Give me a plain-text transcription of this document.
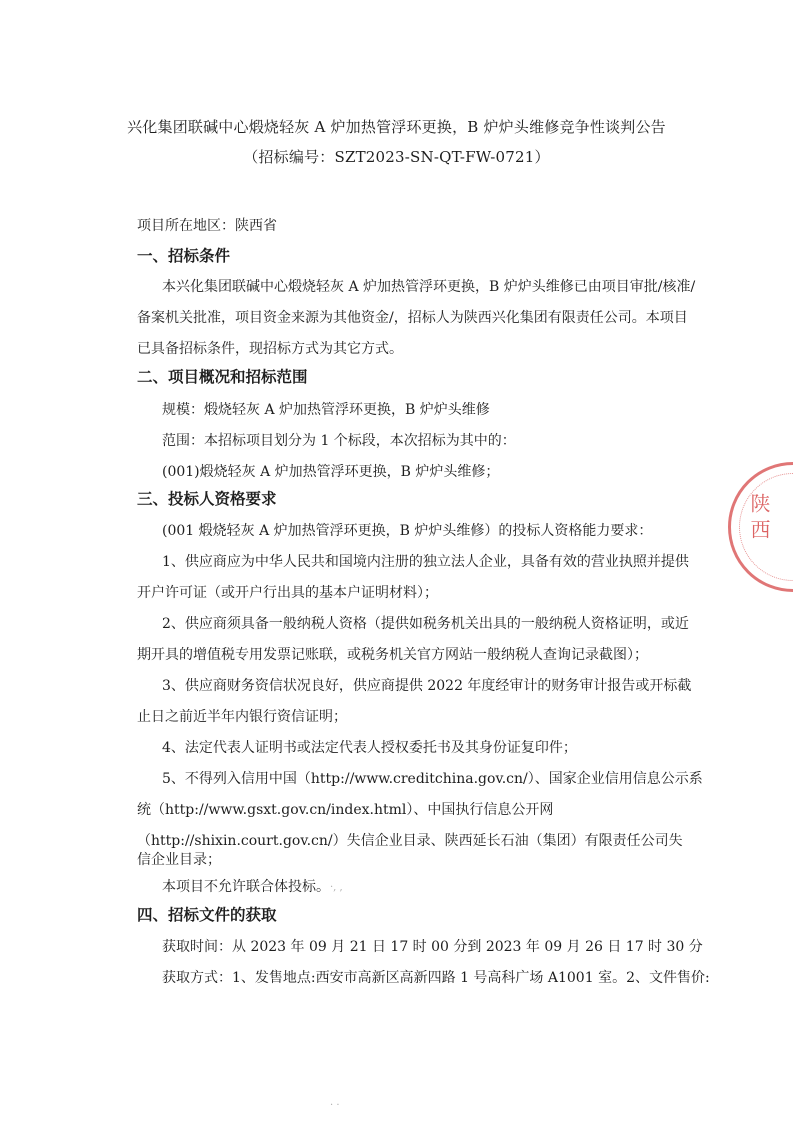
兴化集团联碱中心煅烧轻灰 A 炉加热管浮环更换，B 炉炉头维修竞争性谈判公告
（招标编号：SZT2023-SN-QT-FW-0721）
项目所在地区：陕西省
一、招标条件
本兴化集团联碱中心煅烧轻灰 A 炉加热管浮环更换，B 炉炉头维修已由项目审批/核准/
备案机关批准，项目资金来源为其他资金/，招标人为陕西兴化集团有限责任公司。本项目
已具备招标条件，现招标方式为其它方式。
二、项目概况和招标范围
规模：煅烧轻灰 A 炉加热管浮环更换，B 炉炉头维修
范围：本招标项目划分为 1 个标段，本次招标为其中的：
(001)煅烧轻灰 A 炉加热管浮环更换，B 炉炉头维修；
三、投标人资格要求
(001 煅烧轻灰 A 炉加热管浮环更换，B 炉炉头维修）的投标人资格能力要求：
1、供应商应为中华人民共和国境内注册的独立法人企业，具备有效的营业执照并提供
开户许可证（或开户行出具的基本户证明材料）；
2、供应商须具备一般纳税人资格（提供如税务机关出具的一般纳税人资格证明，或近
期开具的增值税专用发票记账联，或税务机关官方网站一般纳税人查询记录截图）；
3、供应商财务资信状况良好，供应商提供 2022 年度经审计的财务审计报告或开标截
止日之前近半年内银行资信证明；
4、法定代表人证明书或法定代表人授权委托书及其身份证复印件；
5、不得列入信用中国（http://www.creditchina.gov.cn/）、国家企业信用信息公示系
统（http://www.gsxt.gov.cn/index.html）、中国执行信息公开网
（http://shixin.court.gov.cn/）失信企业目录、陕西延长石油（集团）有限责任公司失
信企业目录；
本项目不允许联合体投标。
四、招标文件的获取
获取时间：从 2023 年 09 月 21 日 17 时 00 分到 2023 年 09 月 26 日 17 时 30 分
获取方式：1、发售地点:西安市高新区高新四路 1 号高科广场 A1001 室。2、文件售价:
陕西
·, ,
· ·
